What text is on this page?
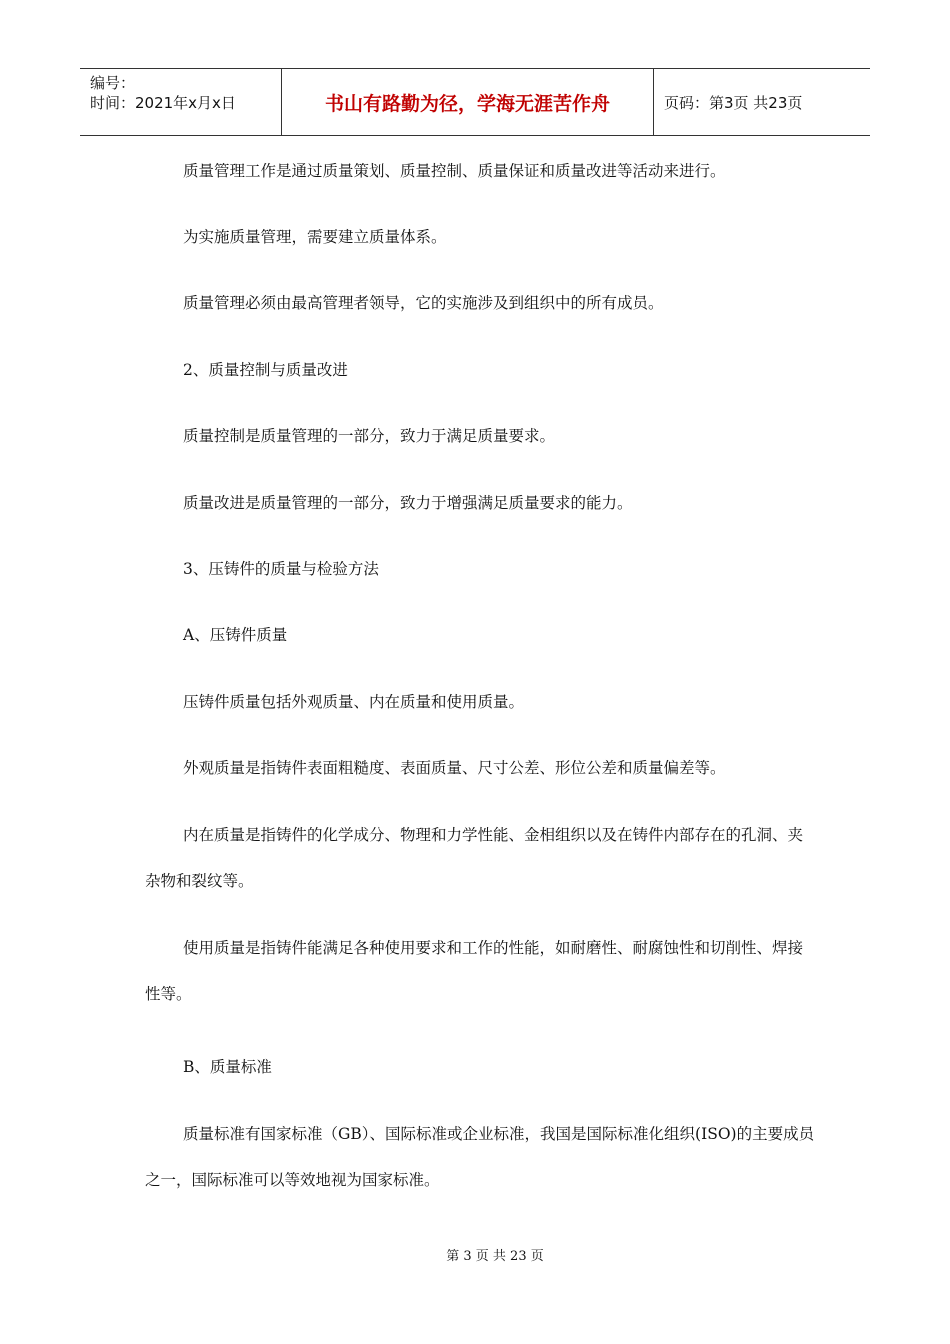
编号：
时间：2021年x月x日	书山有路勤为径，学海无涯苦作舟	页码：第3页 共23页

质量管理工作是通过质量策划、质量控制、质量保证和质量改进等活动来进行。

为实施质量管理，需要建立质量体系。

质量管理必须由最高管理者领导，它的实施涉及到组织中的所有成员。

2、质量控制与质量改进

质量控制是质量管理的一部分，致力于满足质量要求。

质量改进是质量管理的一部分，致力于增强满足质量要求的能力。

3、压铸件的质量与检验方法

A、压铸件质量

压铸件质量包括外观质量、内在质量和使用质量。

外观质量是指铸件表面粗糙度、表面质量、尺寸公差、形位公差和质量偏差等。

内在质量是指铸件的化学成分、物理和力学性能、金相组织以及在铸件内部存在的孔洞、夹杂物和裂纹等。

使用质量是指铸件能满足各种使用要求和工作的性能，如耐磨性、耐腐蚀性和切削性、焊接性等。

B、质量标准

质量标准有国家标准（GB）、国际标准或企业标准，我国是国际标准化组织(ISO)的主要成员之一，国际标准可以等效地视为国家标准。

第 3 页 共 23 页
